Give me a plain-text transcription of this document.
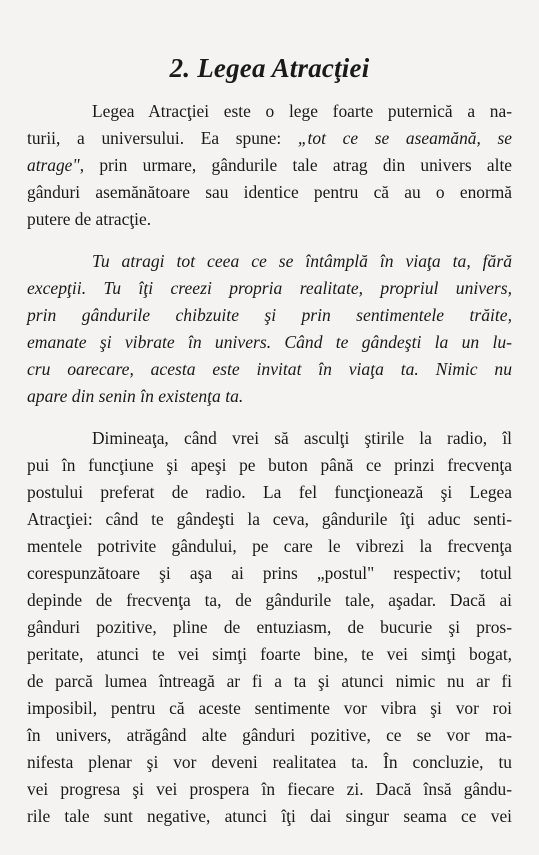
2. Legea Atracţiei
Legea Atracţiei este o lege foarte puternică a na-
turii, a universului. Ea spune: „tot ce se aseamănă, se
atrage", prin urmare, gândurile tale atrag din univers alte
gânduri asemănătoare sau identice pentru că au o enormă
putere de atracţie.
Tu atragi tot ceea ce se întâmplă în viaţa ta, fără
excepţii. Tu îţi creezi propria realitate, propriul univers,
prin gândurile chibzuite şi prin sentimentele trăite,
emanate şi vibrate în univers. Când te gândeşti la un lu-
cru oarecare, acesta este invitat în viaţa ta. Nimic nu
apare din senin în existenţa ta.
Dimineaţa, când vrei să asculţi ştirile la radio, îl
pui în funcţiune şi apeşi pe buton până ce prinzi frecvenţa
postului preferat de radio. La fel funcţionează şi Legea
Atracţiei: când te gândeşti la ceva, gândurile îţi aduc senti-
mentele potrivite gândului, pe care le vibrezi la frecvenţa
corespunzătoare şi aşa ai prins „postul" respectiv; totul
depinde de frecvenţa ta, de gândurile tale, aşadar. Dacă ai
gânduri pozitive, pline de entuziasm, de bucurie şi pros-
peritate, atunci te vei simţi foarte bine, te vei simţi bogat,
de parcă lumea întreagă ar fi a ta şi atunci nimic nu ar fi
imposibil, pentru că aceste sentimente vor vibra şi vor roi
în univers, atrăgând alte gânduri pozitive, ce se vor ma-
nifesta plenar şi vor deveni realitatea ta. În concluzie, tu
vei progresa şi vei prospera în fiecare zi. Dacă însă gându-
rile tale sunt negative, atunci îţi dai singur seama ce vei
